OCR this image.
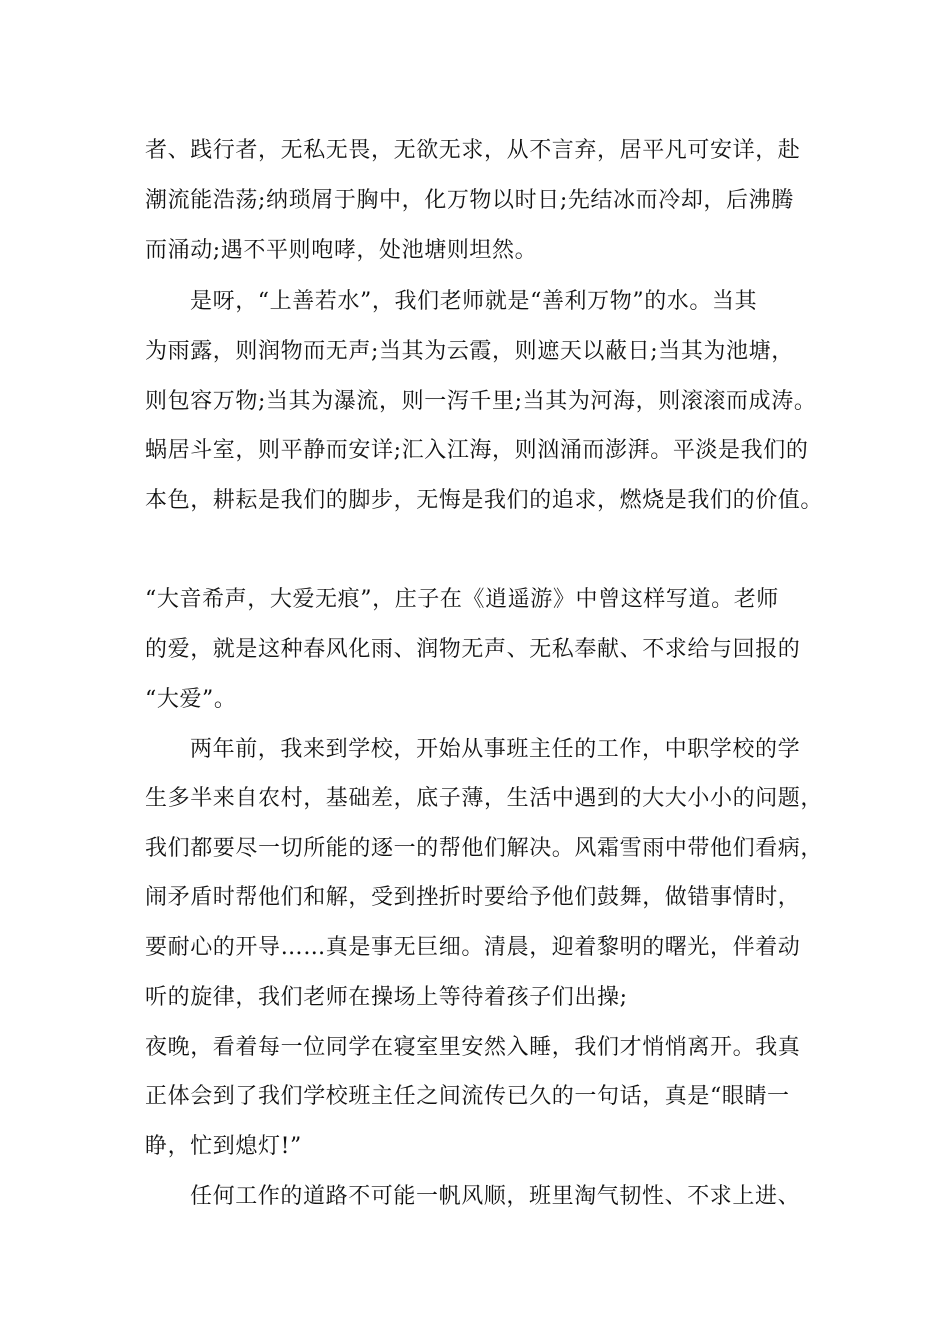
者、践行者，无私无畏，无欲无求，从不言弃，居平凡可安详，赴
潮流能浩荡;纳琐屑于胸中，化万物以时日;先结冰而冷却，后沸腾
而涌动;遇不平则咆哮，处池塘则坦然。
是呀，“上善若水”，我们老师就是“善利万物”的水。当其
为雨露，则润物而无声;当其为云霞，则遮天以蔽日;当其为池塘，
则包容万物;当其为瀑流，则一泻千里;当其为河海，则滚滚而成涛。
蜗居斗室，则平静而安详;汇入江海，则汹涌而澎湃。平淡是我们的
本色，耕耘是我们的脚步，无悔是我们的追求，燃烧是我们的价值。
“大音希声，大爱无痕”，庄子在《逍遥游》中曾这样写道。老师
的爱，就是这种春风化雨、润物无声、无私奉献、不求给与回报的
“大爱”。
两年前，我来到学校，开始从事班主任的工作，中职学校的学
生多半来自农村，基础差，底子薄，生活中遇到的大大小小的问题，
我们都要尽一切所能的逐一的帮他们解决。风霜雪雨中带他们看病，
闹矛盾时帮他们和解，受到挫折时要给予他们鼓舞，做错事情时，
要耐心的开导……真是事无巨细。清晨，迎着黎明的曙光，伴着动
听的旋律，我们老师在操场上等待着孩子们出操;
夜晚，看着每一位同学在寝室里安然入睡，我们才悄悄离开。我真
正体会到了我们学校班主任之间流传已久的一句话，真是“眼睛一
睁，忙到熄灯!”
任何工作的道路不可能一帆风顺，班里淘气韧性、不求上进、
